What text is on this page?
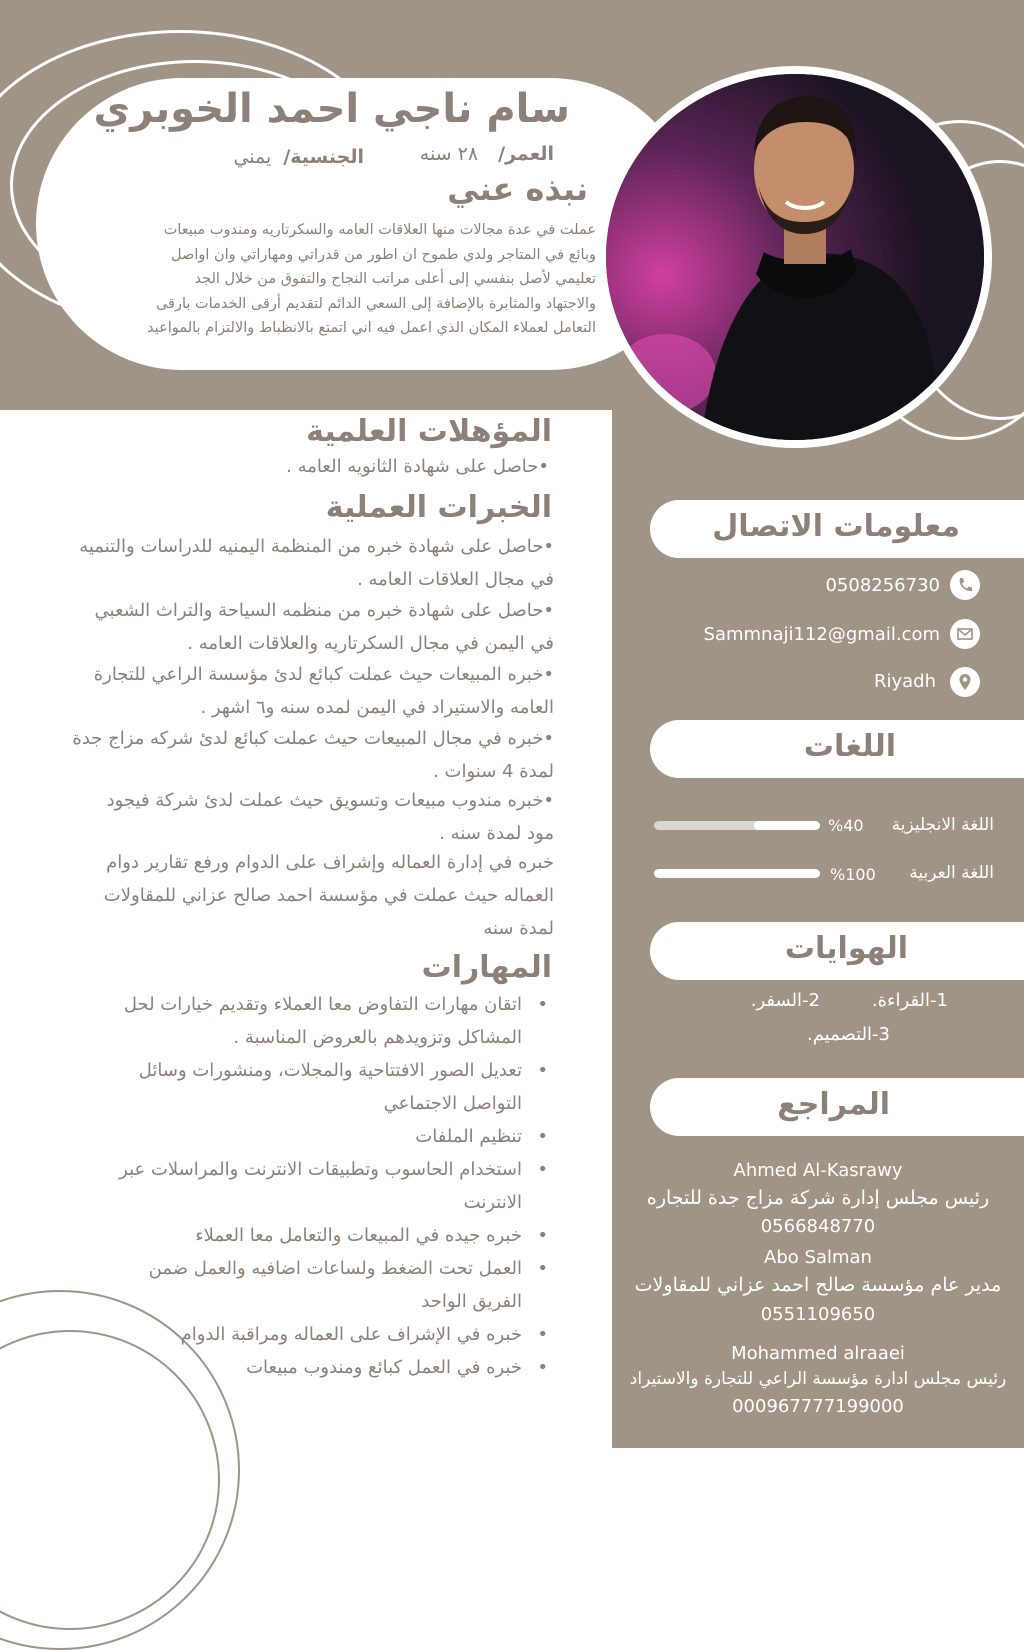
سام ناجي احمد الخوبري
العمر/ ٢٨ سنه
الجنسية/ يمني
نبذه عني
عملت في عدة مجالات منها العلاقات العامه والسكرتاريه ومندوب مبيعات
وبائع في المتاجر ولدي طموح ان اطور من قدراتي ومهاراتي وان اواصل
تعليمي لأصل بنفسي إلى أعلى مراتب النجاح والتفوق من خلال الجد
والاجتهاد والمثابرة بالإضافة إلى السعي الدائم لتقديم أرقى الخدمات بارقى
التعامل لعملاء المكان الذي اعمل فيه اني اتمتع بالانظباط والالتزام بالمواعيد
المؤهلات العلمية
•حاصل على شهادة الثانويه العامه .
الخبرات العملية
•حاصل على شهادة خبره من المنظمة اليمنيه للدراسات والتنميه
في مجال العلاقات العامه .
•حاصل على شهادة خبره من منظمه السياحة والتراث الشعبي
في اليمن في مجال السكرتاريه والعلاقات العامه .
•خبره المبيعات حيث عملت كبائع لدئ مؤسسة الراعي للتجارة
العامه والاستيراد في اليمن لمده سنه و٦ اشهر .
•خبره في مجال المبيعات حيث عملت كبائع لدئ شركه مزاج جدة
لمدة 4 سنوات .
•خبره مندوب مبيعات وتسويق حيث عملت لدئ شركة فيجود
مود لمدة سنه .
خبره في إدارة العماله وإشراف على الدوام ورفع تقارير دوام
العماله حيث عملت في مؤسسة احمد صالح عزاني للمقاولات
لمدة سنه
المهارات
• اتقان مهارات التفاوض معا العملاء وتقديم خيارات لحل
المشاكل وتزويدهم بالعروض المناسبة .
• تعديل الصور الافتتاحية والمجلات، ومنشورات وسائل
التواصل الاجتماعي
• تنظيم الملفات
• استخدام الحاسوب وتطبيقات الانترنت والمراسلات عبر
الانترنت
• خبره جيده في المبيعات والتعامل معا العملاء
• العمل تحت الضغط ولساعات اضافيه والعمل ضمن
الفريق الواحد
• خبره في الإشراف على العماله ومراقبة الدوام
• خبره في العمل كبائع ومندوب مبيعات
معلومات الاتصال
0508256730
Sammnaji112@gmail.com
Riyadh
اللغات
اللغة الانجليزية
%40
اللغة العربية
%100
الهوايات
1-القراءة.
2-السفر.
3-التصميم.
المراجع
Ahmed Al-Kasrawy
رئيس مجلس إدارة شركة مزاج جدة للتجاره
0566848770
Abo Salman
مدير عام مؤسسة صالح احمد عزاني للمقاولات
0551109650
Mohammed alraaei
رئيس مجلس ادارة مؤسسة الراعي للتجارة والاستيراد
000967777199000
